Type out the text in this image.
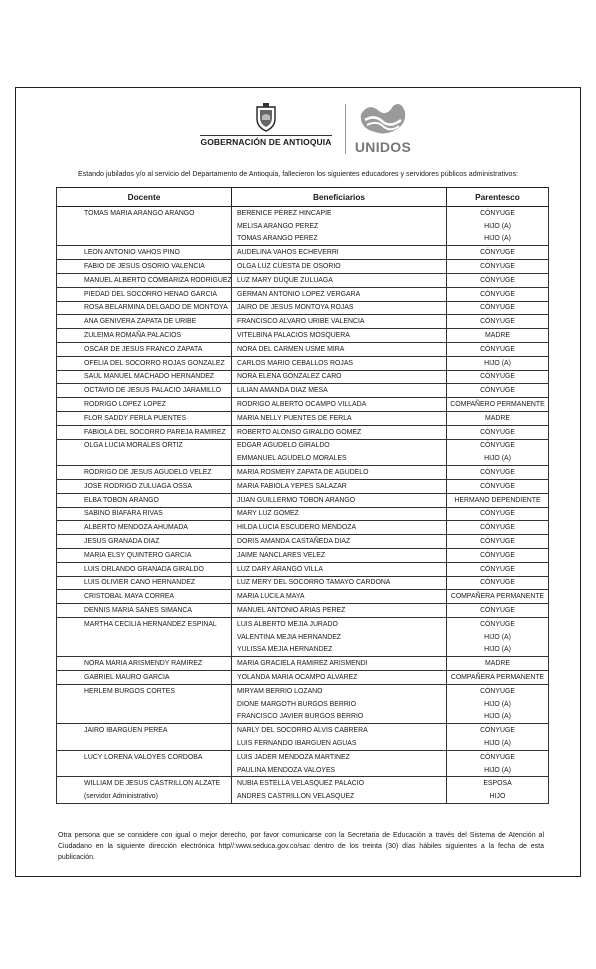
GOBERNACIÓN DE ANTIOQUIA	UNIDOS
Estando jubilados y/o al servicio del Departamento de Antioquia, fallecieron los siguientes educadores y servidores públicos administrativos:
Docente	Beneficiarios	Parentesco
TOMAS MARIA ARANGO ARANGO	BERENICE PEREZ HINCAPIE	CÓNYUGE
	MELISA ARANGO PEREZ	HIJO (A)
	TOMAS ARANGO PEREZ	HIJO (A)
LEON ANTONIO VAHOS PINO	AUDELINA VAHOS ECHEVERRI	CÓNYUGE
FABIO DE JESUS OSORIO VALENCIA	OLGA LUZ CUESTA DE OSORIO	CÓNYUGE
MANUEL ALBERTO COMBARIZA RODRIGUEZ	LUZ MARY DUQUE ZULUAGA	CÓNYUGE
PIEDAD DEL SOCORRO HENAO GARCIA	GERMAN ANTONIO LOPEZ VERGARA	CÓNYUGE
ROSA BELARMINA DELGADO DE MONTOYA	JAIRO DE JESUS MONTOYA ROJAS	CÓNYUGE
ANA GENIVERA ZAPATA DE URIBE	FRANCISCO ALVARO URIBE VALENCIA	CÓNYUGE
ZULEIMA ROMAÑA PALACIOS	VITELBINA PALACIOS MOSQUERA	MADRE
OSCAR DE JESUS FRANCO ZAPATA	NORA DEL CARMEN USME MIRA	CÓNYUGE
OFELIA DEL SOCORRO ROJAS GONZALEZ	CARLOS MARIO CEBALLOS ROJAS	HIJO (A)
SAUL MANUEL MACHADO HERNANDEZ	NORA ELENA GONZALEZ CARO	CÓNYUGE
OCTAVIO DE JESUS PALACIO JARAMILLO	LILIAN AMANDA DIAZ MESA	CÓNYUGE
RODRIGO LOPEZ LOPEZ	RODRIGO ALBERTO OCAMPO VILLADA	COMPAÑERO PERMANENTE
FLOR SADDY FERLA PUENTES	MARIA NELLY PUENTES DE FERLA	MADRE
FABIOLA DEL SOCORRO PAREJA RAMIREZ	ROBERTO ALONSO GIRALDO GOMEZ	CÓNYUGE
OLGA LUCIA MORALES ORTIZ	EDGAR AGUDELO GIRALDO	CÓNYUGE
	EMMANUEL AGUDELO MORALES	HIJO (A)
RODRIGO DE JESUS AGUDELO VELEZ	MARIA ROSMERY ZAPATA DE AGUDELO	CÓNYUGE
JOSE RODRIGO ZULUAGA OSSA	MARIA FABIOLA YEPES SALAZAR	CÓNYUGE
ELBA TOBON ARANGO	JUAN GUILLERMO TOBON ARANGO	HERMANO DEPENDIENTE
SABINO BIAFARA RIVAS	MARY LUZ GOMEZ	CÓNYUGE
ALBERTO MENDOZA AHUMADA	HILDA LUCIA ESCUDERO MENDOZA	CÓNYUGE
JESUS GRANADA DIAZ	DORIS AMANDA CASTAÑEDA DIAZ	CÓNYUGE
MARIA ELSY QUINTERO GARCIA	JAIME NANCLARES VELEZ	CÓNYUGE
LUIS ORLANDO GRANADA GIRALDO	LUZ DARY ARANGO VILLA	CÓNYUGE
LUIS OLIVIER CANO HERNANDEZ	LUZ MERY DEL SOCORRO TAMAYO CARDONA	CÓNYUGE
CRISTOBAL MAYA CORREA	MARIA LUCILA MAYA	COMPAÑERA PERMANENTE
DENNIS MARIA SANES SIMANCA	MANUEL ANTONIO ARIAS PEREZ	CÓNYUGE
MARTHA CECILIA HERNANDEZ ESPINAL	LUIS ALBERTO MEJIA JURADO	CÓNYUGE
	VALENTINA MEJIA HERNANDEZ	HIJO (A)
	YULISSA MEJIA HERNANDEZ	HIJO (A)
NORA MARIA ARISMENDY RAMIREZ	MARIA GRACIELA RAMIREZ ARISMENDI	MADRE
GABRIEL MAURO GARCIA	YOLANDA MARIA OCAMPO ALVAREZ	COMPAÑERA PERMANENTE
HERLEM BURGOS CORTES	MIRYAM BERRIO LOZANO	CÓNYUGE
	DIONE MARGOTH BURGOS BERRIO	HIJO (A)
	FRANCISCO JAVIER BURGOS BERRIO	HIJO (A)
JAIRO IBARGUEN PEREA	NARLY DEL SOCORRO ALVIS CABRERA	CÓNYUGE
	LUIS FERNANDO IBARGUEN AGUAS	HIJO (A)
LUCY LORENA VALOYES CORDOBA	LUIS JADER MENDOZA MARTINEZ	CÓNYUGE
	PAULINA MENDOZA VALOYES	HIJO (A)
WILLIAM DE JESUS CASTRILLON ALZATE	NUBIA ESTELLA VELASQUEZ PALACIO	ESPOSA
(servidor Administrativo)	ANDRES CASTRILLON VELASQUEZ	HIJO
Otra persona que se considere con igual o mejor derecho, por favor comunicarse con la Secretaria de Educación a través del Sistema de Atención al Ciudadano en la siguiente dirección electrónica http//:www.seduca.gov.co/sac dentro de los treinta (30) días hábiles siguientes a la fecha de esta publicación.
